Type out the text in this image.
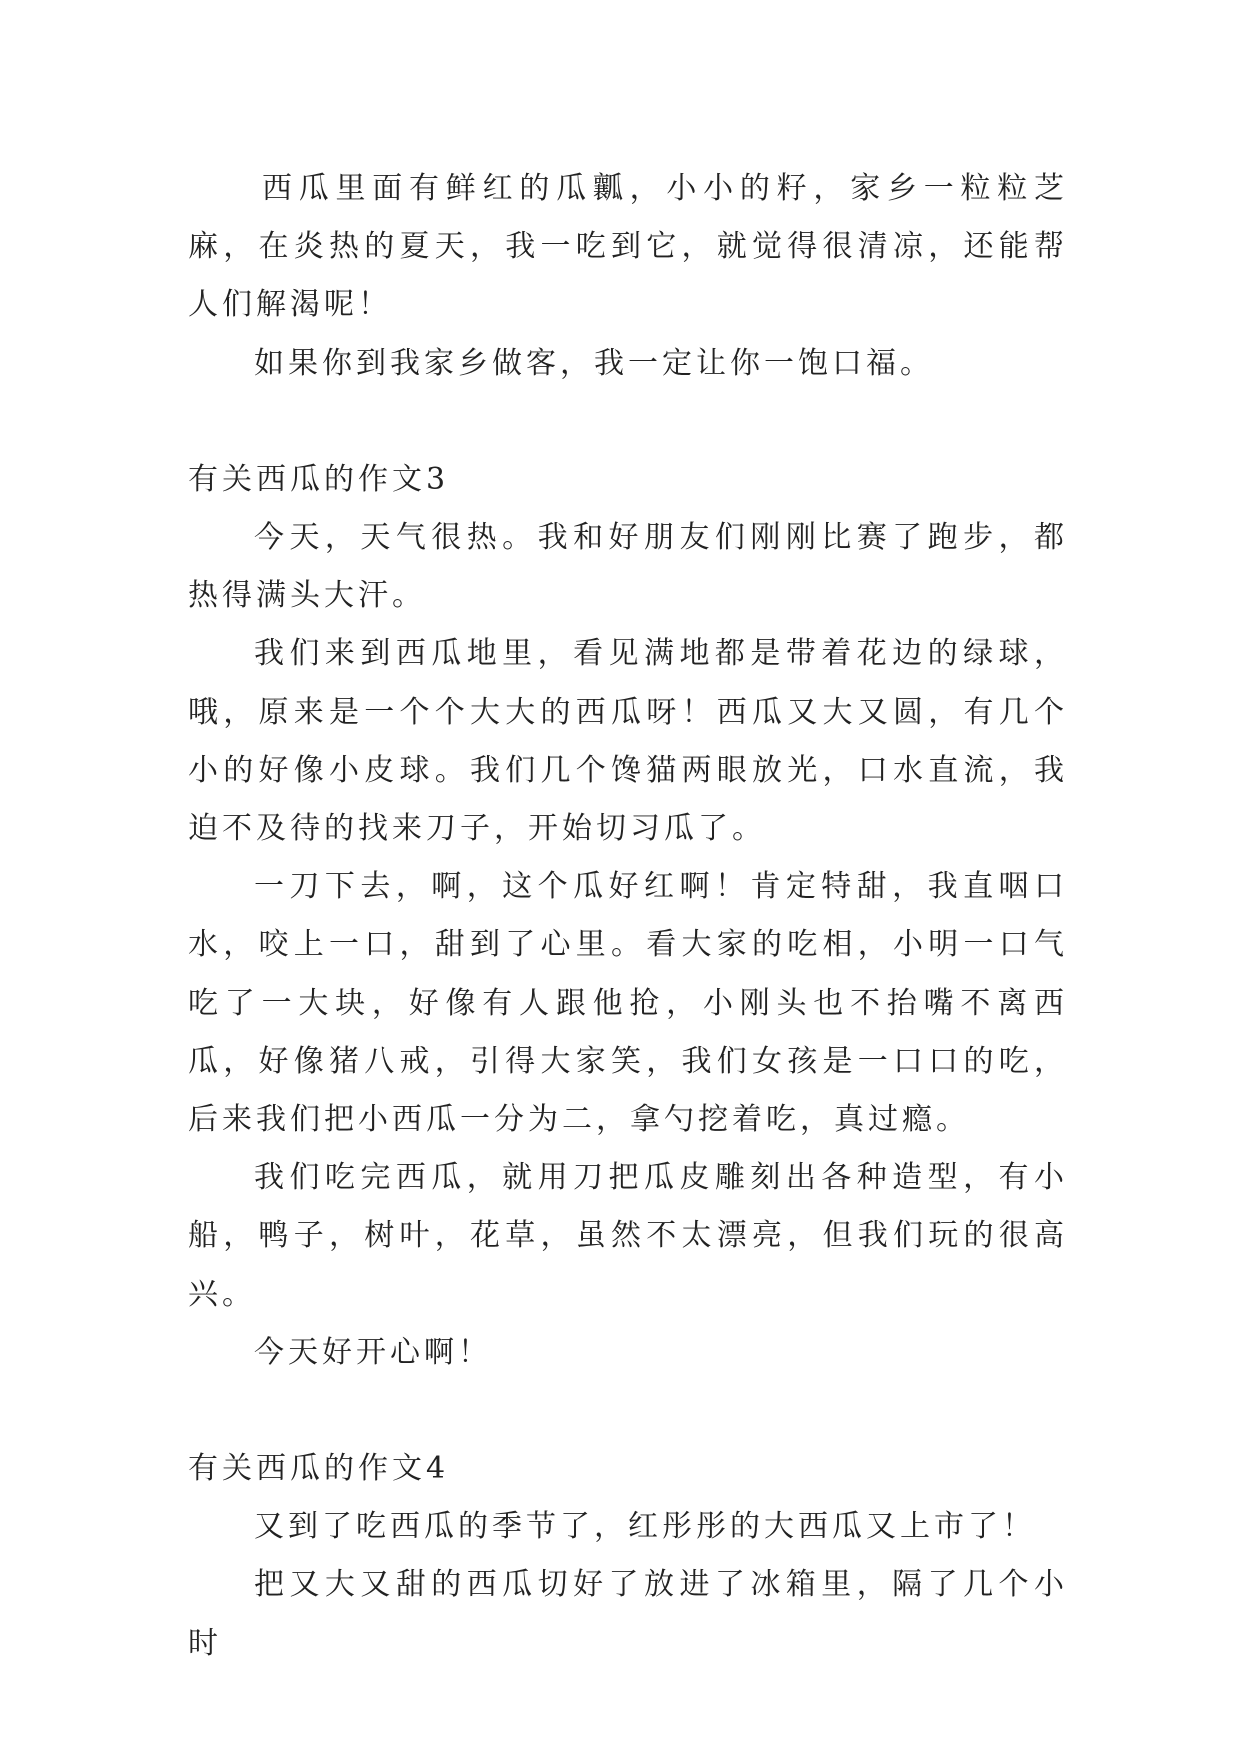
西瓜里面有鲜红的瓜瓤，小小的籽，家乡一粒粒芝麻，在炎热的夏天，我一吃到它，就觉得很清凉，还能帮人们解渴呢！

如果你到我家乡做客，我一定让你一饱口福。

有关西瓜的作文3

今天，天气很热。我和好朋友们刚刚比赛了跑步，都热得满头大汗。

我们来到西瓜地里，看见满地都是带着花边的绿球，哦，原来是一个个大大的西瓜呀！西瓜又大又圆，有几个小的好像小皮球。我们几个馋猫两眼放光，口水直流，我迫不及待的找来刀子，开始切习瓜了。

一刀下去，啊，这个瓜好红啊！肯定特甜，我直咽口水，咬上一口，甜到了心里。看大家的吃相，小明一口气吃了一大块，好像有人跟他抢，小刚头也不抬嘴不离西瓜，好像猪八戒，引得大家笑，我们女孩是一口口的吃，后来我们把小西瓜一分为二，拿勺挖着吃，真过瘾。

我们吃完西瓜，就用刀把瓜皮雕刻出各种造型，有小船，鸭子，树叶，花草，虽然不太漂亮，但我们玩的很高兴。

今天好开心啊！

有关西瓜的作文4

又到了吃西瓜的季节了，红彤彤的大西瓜又上市了！

把又大又甜的西瓜切好了放进了冰箱里，隔了几个小时
